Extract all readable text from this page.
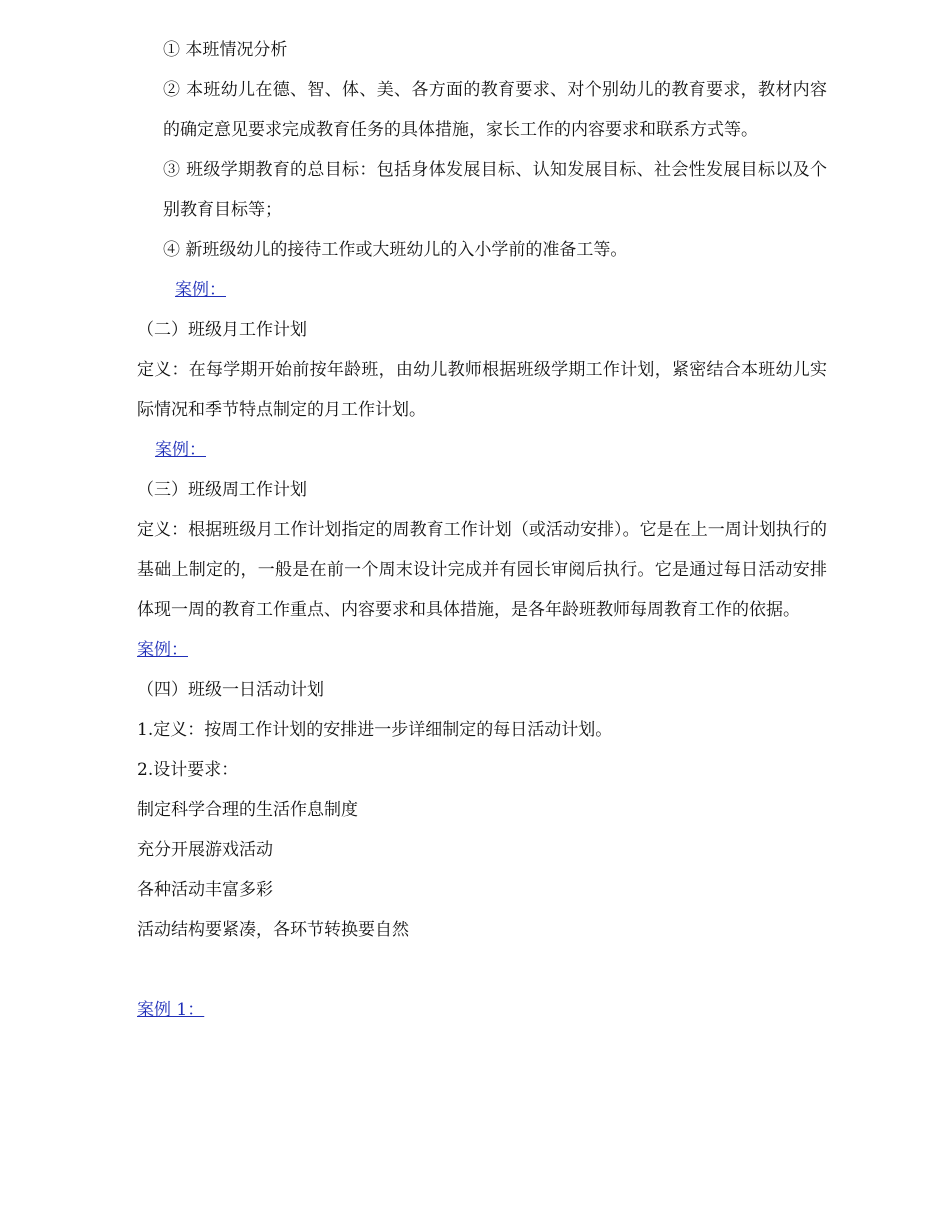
① 本班情况分析
② 本班幼儿在德、智、体、美、各方面的教育要求、对个别幼儿的教育要求，教材内容的确定意见要求完成教育任务的具体措施，家长工作的内容要求和联系方式等。
③ 班级学期教育的总目标：包括身体发展目标、认知发展目标、社会性发展目标以及个别教育目标等；
④ 新班级幼儿的接待工作或大班幼儿的入小学前的准备工等。
案例：
（二）班级月工作计划
定义：在每学期开始前按年龄班，由幼儿教师根据班级学期工作计划，紧密结合本班幼儿实际情况和季节特点制定的月工作计划。
案例：
（三）班级周工作计划
定义：根据班级月工作计划指定的周教育工作计划（或活动安排）。它是在上一周计划执行的基础上制定的，一般是在前一个周末设计完成并有园长审阅后执行。它是通过每日活动安排体现一周的教育工作重点、内容要求和具体措施，是各年龄班教师每周教育工作的依据。
案例：
（四）班级一日活动计划
1.定义：按周工作计划的安排进一步详细制定的每日活动计划。
2.设计要求：
制定科学合理的生活作息制度
充分开展游戏活动
各种活动丰富多彩
活动结构要紧凑，各环节转换要自然
案例 1：
